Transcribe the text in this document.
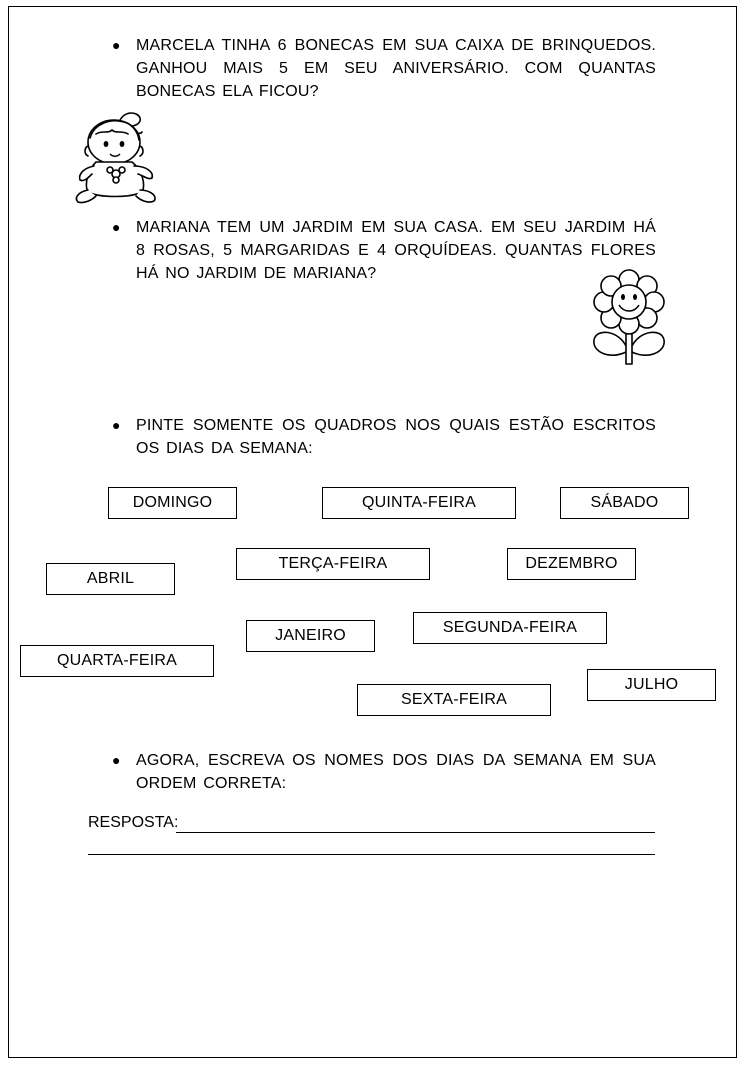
● MARCELA TINHA 6 BONECAS EM SUA CAIXA DE BRINQUEDOS. GANHOU MAIS 5 EM SEU ANIVERSÁRIO. COM QUANTAS BONECAS ELA FICOU?
● MARIANA TEM UM JARDIM EM SUA CASA. EM SEU JARDIM HÁ 8 ROSAS, 5 MARGARIDAS E 4 ORQUÍDEAS. QUANTAS FLORES HÁ NO JARDIM DE MARIANA?
● PINTE SOMENTE OS QUADROS NOS QUAIS ESTÃO ESCRITOS OS DIAS DA SEMANA:
DOMINGO	QUINTA-FEIRA	SÁBADO
TERÇA-FEIRA	DEZEMBRO
ABRIL
JANEIRO	SEGUNDA-FEIRA
QUARTA-FEIRA
JULHO
SEXTA-FEIRA
● AGORA, ESCREVA OS NOMES DOS DIAS DA SEMANA EM SUA ORDEM CORRETA:
RESPOSTA:
